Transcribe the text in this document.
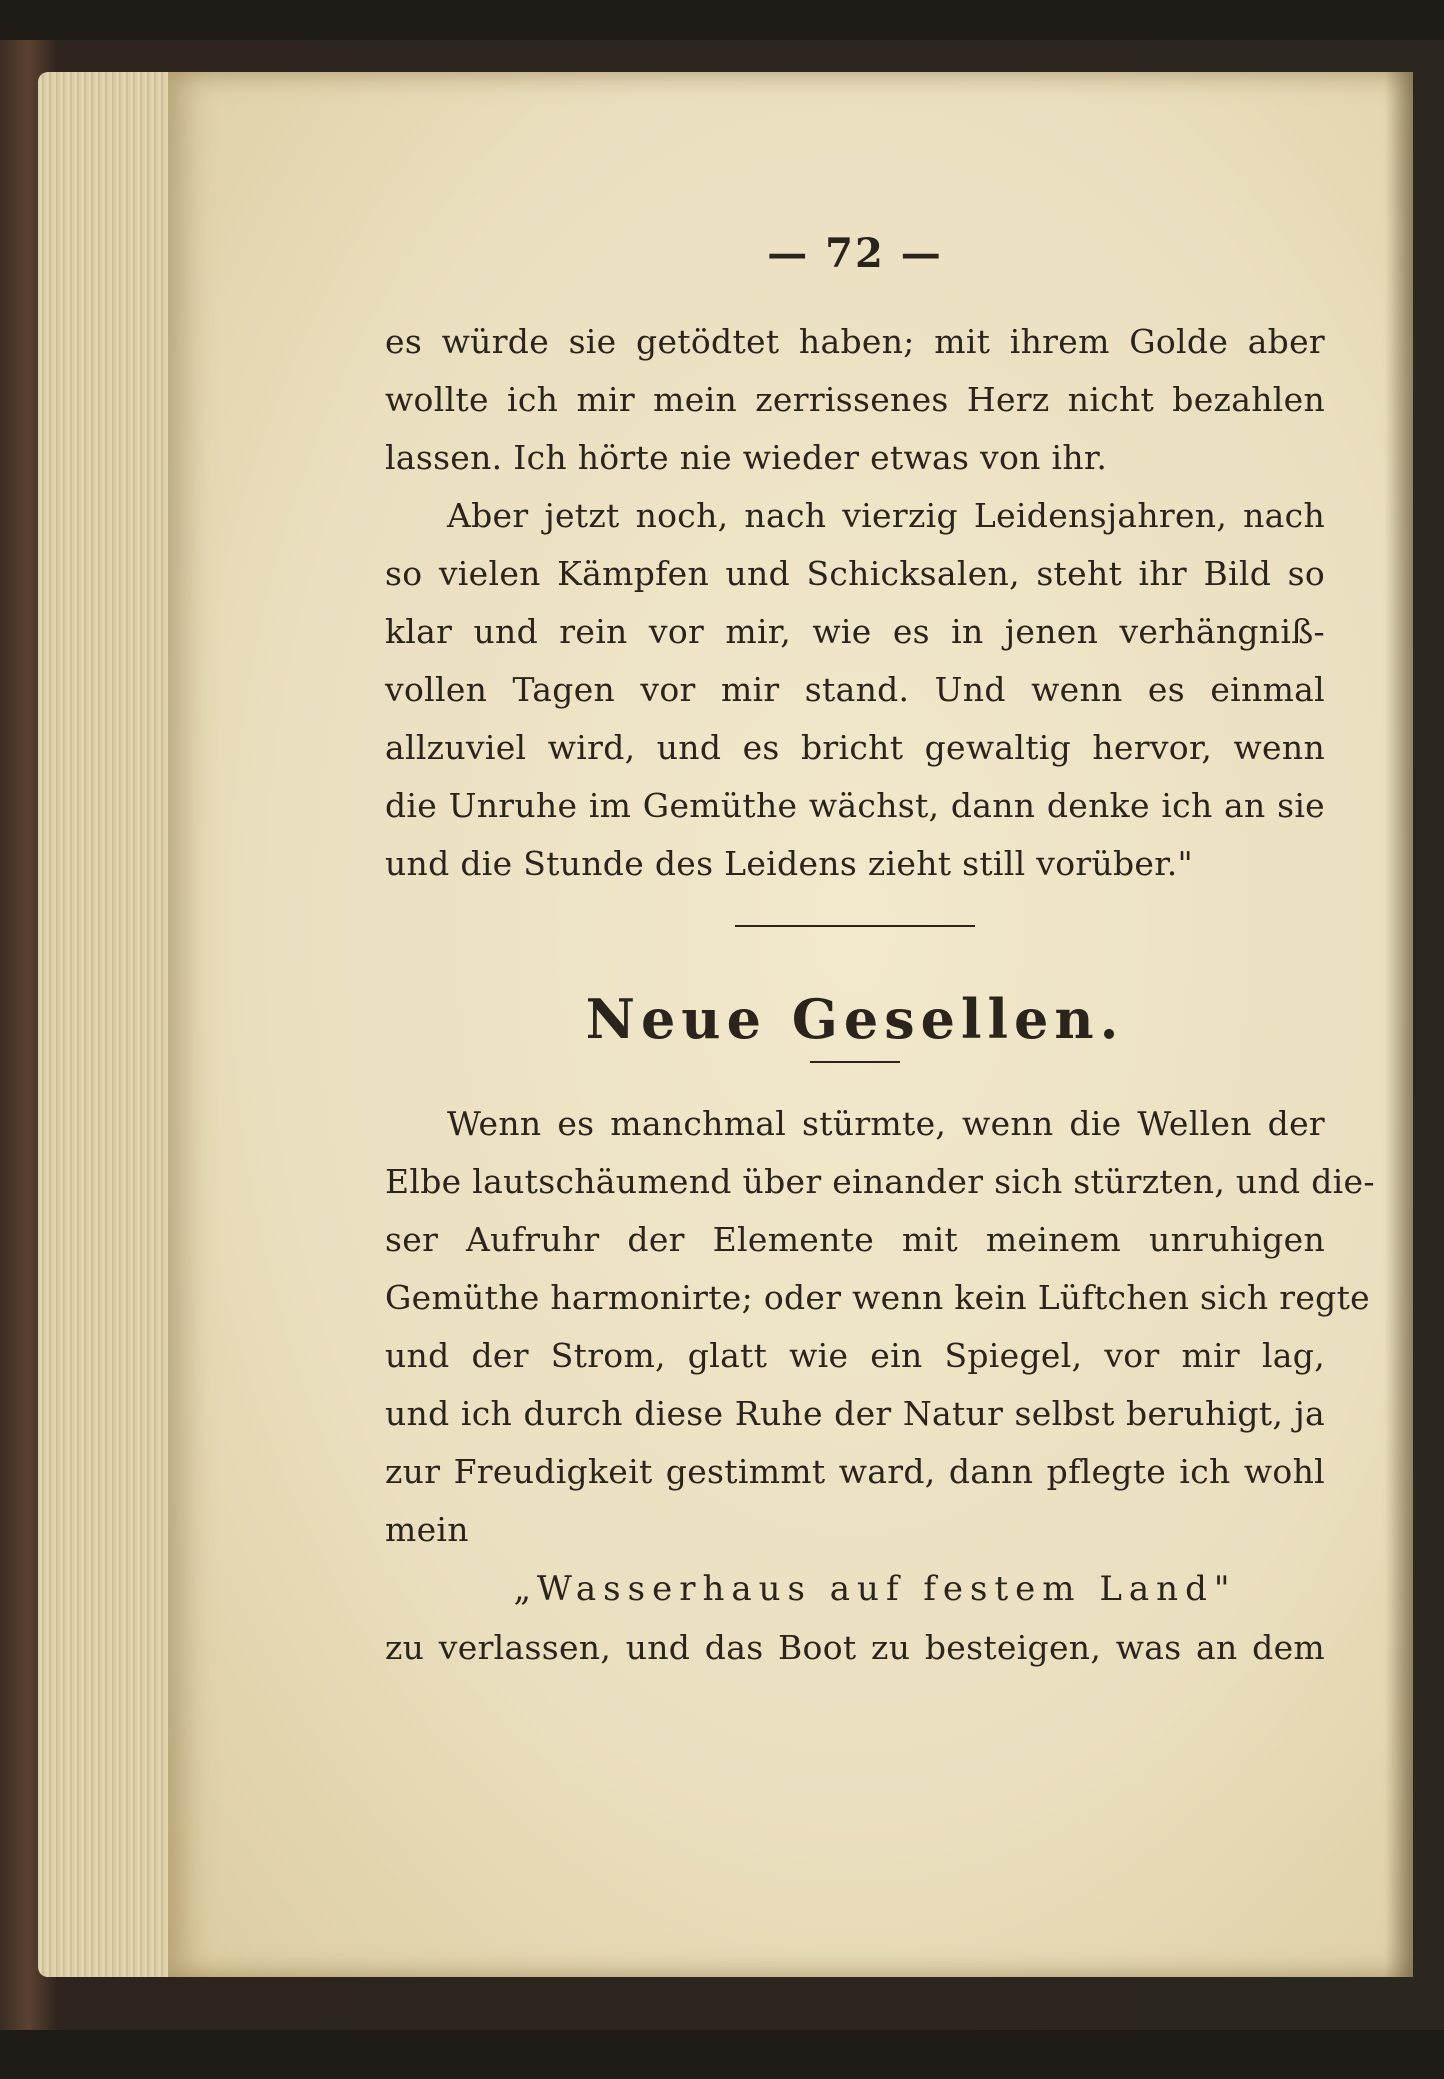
— 72 —
es würde sie getödtet haben; mit ihrem Golde aber
wollte ich mir mein zerrissenes Herz nicht bezahlen
lassen. Ich hörte nie wieder etwas von ihr.
Aber jetzt noch, nach vierzig Leidensjahren, nach
so vielen Kämpfen und Schicksalen, steht ihr Bild so
klar und rein vor mir, wie es in jenen verhängniß-
vollen Tagen vor mir stand. Und wenn es einmal
allzuviel wird, und es bricht gewaltig hervor, wenn
die Unruhe im Gemüthe wächst, dann denke ich an sie
und die Stunde des Leidens zieht still vorüber."
Neue Gesellen.
Wenn es manchmal stürmte, wenn die Wellen der
Elbe lautschäumend über einander sich stürzten, und die-
ser Aufruhr der Elemente mit meinem unruhigen
Gemüthe harmonirte; oder wenn kein Lüftchen sich regte
und der Strom, glatt wie ein Spiegel, vor mir lag,
und ich durch diese Ruhe der Natur selbst beruhigt, ja
zur Freudigkeit gestimmt ward, dann pflegte ich wohl
mein
„Wasserhaus auf festem Land"
zu verlassen, und das Boot zu besteigen, was an dem
